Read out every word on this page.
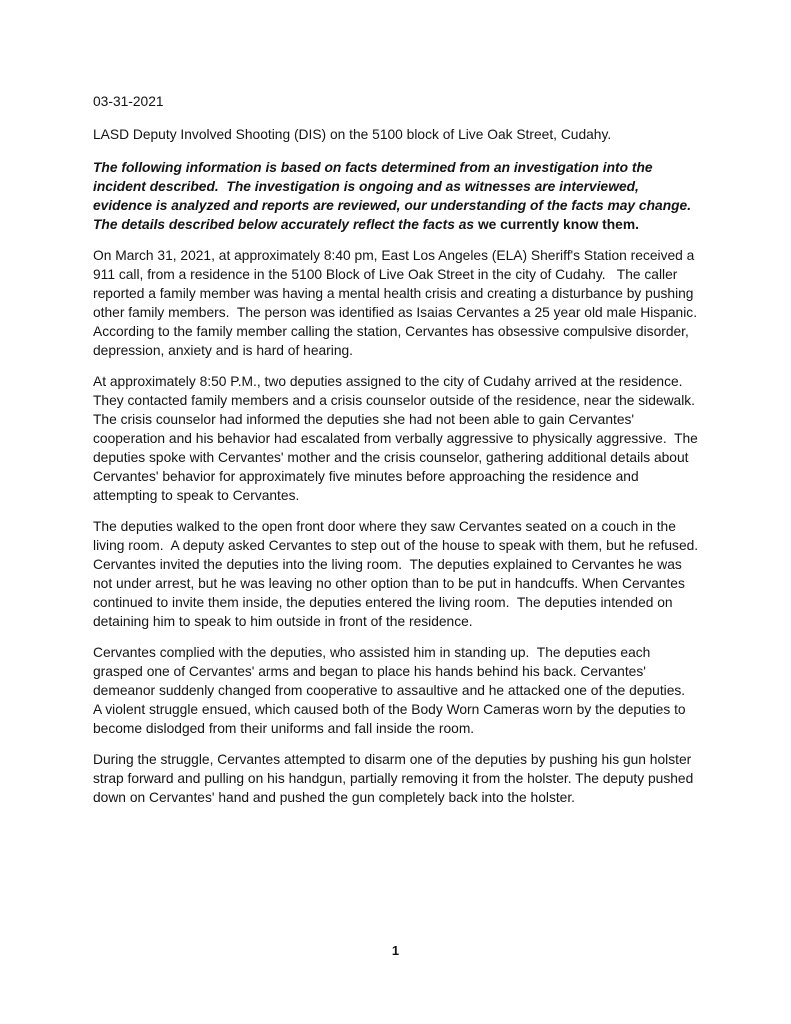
03-31-2021

LASD Deputy Involved Shooting (DIS) on the 5100 block of Live Oak Street, Cudahy.

The following information is based on facts determined from an investigation into the incident described.  The investigation is ongoing and as witnesses are interviewed, evidence is analyzed and reports are reviewed, our understanding of the facts may change.  The details described below accurately reflect the facts as we currently know them.

On March 31, 2021, at approximately 8:40 pm, East Los Angeles (ELA) Sheriff's Station received a 911 call, from a residence in the 5100 Block of Live Oak Street in the city of Cudahy.   The caller reported a family member was having a mental health crisis and creating a disturbance by pushing other family members.  The person was identified as Isaias Cervantes a 25 year old male Hispanic.  According to the family member calling the station, Cervantes has obsessive compulsive disorder, depression, anxiety and is hard of hearing.

At approximately 8:50 P.M., two deputies assigned to the city of Cudahy arrived at the residence. They contacted family members and a crisis counselor outside of the residence, near the sidewalk. The crisis counselor had informed the deputies she had not been able to gain Cervantes' cooperation and his behavior had escalated from verbally aggressive to physically aggressive.  The deputies spoke with Cervantes' mother and the crisis counselor, gathering additional details about Cervantes' behavior for approximately five minutes before approaching the residence and attempting to speak to Cervantes.

The deputies walked to the open front door where they saw Cervantes seated on a couch in the living room.  A deputy asked Cervantes to step out of the house to speak with them, but he refused.  Cervantes invited the deputies into the living room.  The deputies explained to Cervantes he was not under arrest, but he was leaving no other option than to be put in handcuffs. When Cervantes continued to invite them inside, the deputies entered the living room.  The deputies intended on detaining him to speak to him outside in front of the residence.

Cervantes complied with the deputies, who assisted him in standing up.  The deputies each grasped one of Cervantes' arms and began to place his hands behind his back. Cervantes' demeanor suddenly changed from cooperative to assaultive and he attacked one of the deputies.  A violent struggle ensued, which caused both of the Body Worn Cameras worn by the deputies to become dislodged from their uniforms and fall inside the room.

During the struggle, Cervantes attempted to disarm one of the deputies by pushing his gun holster strap forward and pulling on his handgun, partially removing it from the holster. The deputy pushed down on Cervantes' hand and pushed the gun completely back into the holster.

1
